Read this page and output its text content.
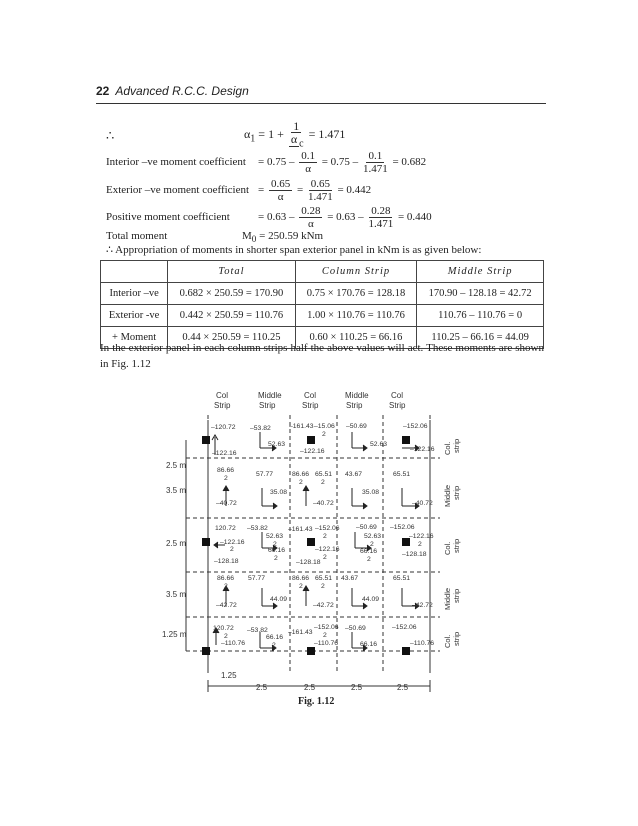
22 Advanced R.C.C. Design
∴	$\alpha_1 = 1 + \frac{1}{\alpha _c} = 1.471$
Interior –ve moment coefficient = $0.75 - \frac{0.1}{\alpha} = 0.75 - \frac{0.1}{1.471} = 0.682$
Exterior –ve moment coefficient = $\frac{0.65}{\alpha} = \frac{0.65}{1.471} = 0.442$
Positive moment coefficient	= $0.63 - \frac{0.28}{\alpha} = 0.63 - \frac{0.28}{1.471} = 0.440$
Total moment	$M_0 = 250.59$ kNm
∴ Appropriation of moments in shorter span exterior panel in kNm is as given below:
	Total	Column Strip	Middle Strip
Interior –ve	0.682 × 250.59 = 170.90	0.75 × 170.76 = 128.18	170.90 – 128.18 = 42.72
Exterior -ve	0.442 × 250.59 = 110.76	1.00 × 110.76 = 110.76	110.76 – 110.76 = 0
+ Moment	0.44 × 250.59 = 110.25	0.60 × 110.25 = 66.16	110.25 – 66.16 = 44.09
In the exterior panel in each column strips half the above values will act. These moments are shown in Fig. 1.12
Col
Strip
Middle
Strip
Col
Strip
Middle
Strip
Col
Strip
2.5 m
3.5 m
2.5 m
3.5 m
1.25 m
Col. strip
Middle strip
Col. strip
Middle strip
Col. strip
–120.72
–122.16
–53.82
52.63
–161.43 –15.06
2
–122.16
–50.69
52.63
–152.06
–122.16
86.66
2
–40.72
57.77
35.08
86.66
2
65.51
2
–40.72
43.67
35.08
65.51
–40.72
120.72
–122.16
2
–128.18
–53.82
52.63
2
66.16
2
–161.43 –152.06
2
–122.16
2
–128.18
–50.69
52.63
2
66.16
2
–152.06
–122.16
2
–128.18
86.66
2
–42.72
57.77
44.09
86.66
2
65.51
2
–42.72
43.67
44.09
65.51
–42.72
120.72
2
–110.76
–53.82
66.16
2
–161.43
–152.06
2
–110.76
–50.69
66.16
–152.06
–110.76
1.25
2.5	2.5	2.5	2.5
Fig. 1.12
